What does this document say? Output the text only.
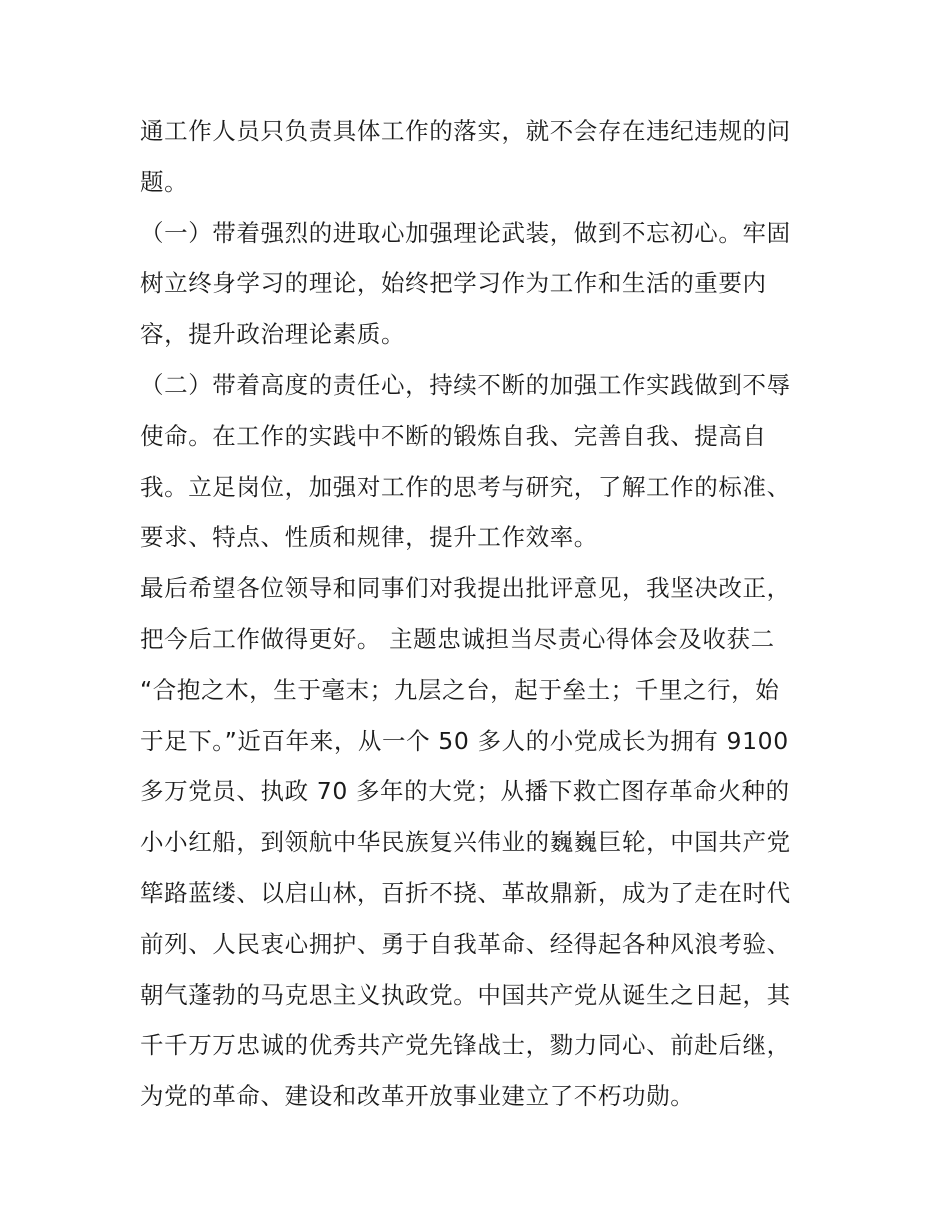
通工作人员只负责具体工作的落实，就不会存在违纪违规的问
题。
（一）带着强烈的进取心加强理论武装，做到不忘初心。牢固
树立终身学习的理论，始终把学习作为工作和生活的重要内
容，提升政治理论素质。
（二）带着高度的责任心，持续不断的加强工作实践做到不辱
使命。在工作的实践中不断的锻炼自我、完善自我、提高自
我。立足岗位，加强对工作的思考与研究，了解工作的标准、
要求、特点、性质和规律，提升工作效率。
最后希望各位领导和同事们对我提出批评意见，我坚决改正，
把今后工作做得更好。 主题忠诚担当尽责心得体会及收获二
“合抱之木，生于毫末；九层之台，起于垒土；千里之行，始
于足下。”近百年来，从一个 50 多人的小党成长为拥有 9100
多万党员、执政 70 多年的大党；从播下救亡图存革命火种的
小小红船，到领航中华民族复兴伟业的巍巍巨轮，中国共产党
筚路蓝缕、以启山林，百折不挠、革故鼎新，成为了走在时代
前列、人民衷心拥护、勇于自我革命、经得起各种风浪考验、
朝气蓬勃的马克思主义执政党。中国共产党从诞生之日起，其
千千万万忠诚的优秀共产党先锋战士，勠力同心、前赴后继，
为党的革命、建设和改革开放事业建立了不朽功勋。
